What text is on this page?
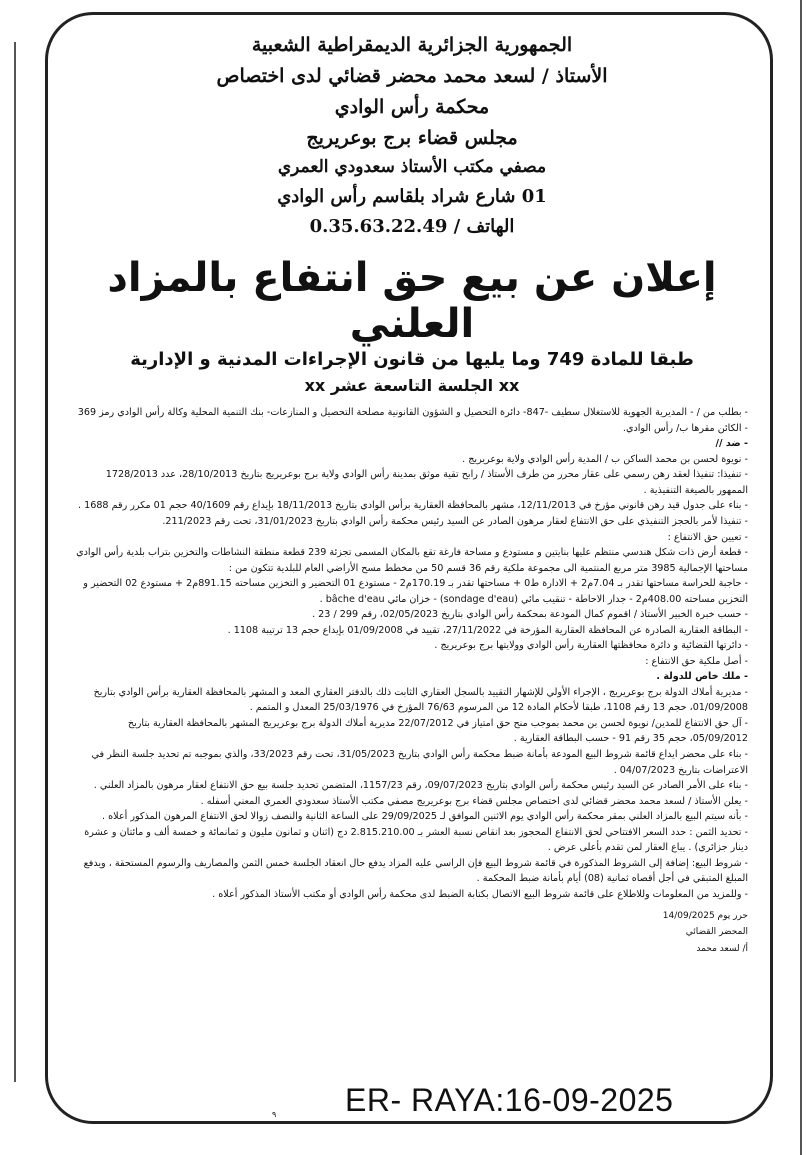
الجمهورية الجزائرية الديمقراطية الشعبية
الأستاذ / لسعد محمد محضر قضائي لدى اختصاص
محكمة رأس الوادي
مجلس قضاء برج بوعريريج
مصفي مكتب الأستاذ سعدودي العمري
01 شارع شراد بلقاسم رأس الوادي
الهاتف / 0.35.63.22.49
إعلان عن بيع حق انتفاع بالمزاد العلني
طبقا للمادة 749 وما يليها من قانون الإجراءات المدنية و الإدارية
xx الجلسة التاسعة عشر xx

- بطلب من / - المديرية الجهوية للاستغلال سطيف -847- دائرة التحصيل و الشؤون القانونية مصلحة التحصيل و المنازعات- بنك التنمية المحلية وكالة رأس الوادي رمز 369 - الكائن مقرها ب/ رأس الوادي.

- ضد //

- نويوة لحسن بن محمد الساكن ب / المدية رأس الوادي ولاية بوعريريج .

- تنفيذا: تنفيذا لعقد رهن رسمي على عقار محرر من طرف الأستاذ / رابح تقية موثق بمدينة رأس الوادي ولاية برج بوعريريج بتاريخ 28/10/2013، عدد 1728/2013 الممهور بالصيغة التنفيذية .

- بناء على جدول قيد رهن قانوني مؤرخ في 12/11/2013، مشهر بالمحافظة العقارية برأس الوادي بتاريخ 18/11/2013 بإيداع رقم 40/1609 حجم 01 مكرر رقم 1688 .

- تنفيذا لأمر بالحجز التنفيذي على حق الانتفاع لعقار مرهون الصادر عن السيد رئيس محكمة رأس الوادي بتاريخ 31/01/2023، تحت رقم 211/2023.

- تعيين حق الانتفاع :

- قطعة أرض ذات شكل هندسي منتظم عليها بنايتين و مستودع و مساحة فارغة تقع بالمكان المسمى تجزئة 239 قطعة منطقة النشاطات والتخزين بتراب بلدية رأس الوادي مساحتها الإجمالية 3985 متر مربع المنتمية الى مجموعة ملكية رقم 36 قسم 50 من مخطط مسح الأراضي العام للبلدية تتكون من :

- حاجبة للحراسة مساحتها تقدر بـ 7.04م2 + الادارة ط0 + مساحتها تقدر بـ 170.19م2 - مستودع 01 التحضير و التخزين مساحته 891.15م2 + مستودع 02 التحضير و التخزين مساحته 408.00م2 - جدار الاحاطة - تنقيب مائي (sondage d'eau) - خزان مائي bâche d'eau .

- حسب خبرة الخبير الأستاذ / اقموم كمال المودعة بمحكمة رأس الوادي بتاريخ 02/05/2023، رقم 299 / 23 .

- البطاقة العقارية الصادرة عن المحافظة العقارية المؤرخة في 27/11/2022، تقييد في 01/09/2008 بإيداع حجم 13 ترتيبة 1108 .

- دائرتها القضائية و دائرة محافظتها العقارية رأس الوادي وولايتها برج بوعريريج .

- أصل ملكية حق الانتفاع :

- ملك خاص للدولة .

- مديرية أملاك الدولة برج بوعريريج ، الإجراء الأولي للإشهار التقييد بالسجل العقاري الثابت ذلك بالدفتر العقاري المعد و المشهر بالمحافظة العقارية برأس الوادي بتاريخ 01/09/2008، حجم 13 رقم 1108، طبقا لأحكام المادة 12 من المرسوم 76/63 المؤرخ في 25/03/1976 المعدل و المتمم .

- آل حق الانتفاع للمدين/ نويوة لحسن بن محمد بموجب منح حق امتياز في 22/07/2012 مديرية أملاك الدولة برج بوعريريج المشهر بالمحافظة العقارية بتاريخ 05/09/2012، حجم 35 رقم 91 - حسب البطاقة العقارية .

- بناء على محضر ايداع قائمة شروط البيع المودعة بأمانة ضبط محكمة رأس الوادي بتاريخ 31/05/2023، تحت رقم 33/2023، والذي بموجبه تم تحديد جلسة النظر في الاعتراضات بتاريخ 04/07/2023 .

- بناء على الأمر الصادر عن السيد رئيس محكمة رأس الوادي بتاريخ 09/07/2023، رقم 1157/23، المتضمن تحديد جلسة بيع حق الانتفاع لعقار مرهون بالمزاد العلني .

- يعلن الأستاذ / لسعد محمد محضر قضائي لدى اختصاص مجلس قضاء برج بوعريريج مصفي مكتب الأستاذ سعدودي العمري المعني أسفله .

- بأنه سيتم البيع بالمزاد العلني بمقر محكمة رأس الوادي يوم الاثنين الموافق لـ 29/09/2025 على الساعة الثانية والنصف زوالا لحق الانتفاع المرهون المذكور أعلاه .

- تحديد الثمن : حدد السعر الافتتاحي لحق الانتفاع المحجوز بعد انقاص نسبة العشر بـ 2.815.210.00 دج (اثنان و ثمانون مليون و ثمانمائة و خمسة ألف و مائتان و عشرة دينار جزائري) . يباع العقار لمن تقدم بأعلى عرض .

- شروط البيع: إضافة إلى الشروط المذكورة في قائمة شروط البيع فإن الراسي عليه المزاد يدفع حال انعقاد الجلسة خمس الثمن والمصاريف والرسوم المستحقة ، ويدفع المبلغ المتبقي في أجل أقصاه ثمانية (08) أيام بأمانة ضبط المحكمة .

- وللمزيد من المعلومات وللاطلاع على قائمة شروط البيع الاتصال بكتابة الضبط لدى محكمة رأس الوادي أو مكتب الأستاذ المذكور أعلاه .

حرر يوم 14/09/2025
المحضر القضائي
أ/ لسعد محمد
٩ ER- RAYA:16-09-2025
